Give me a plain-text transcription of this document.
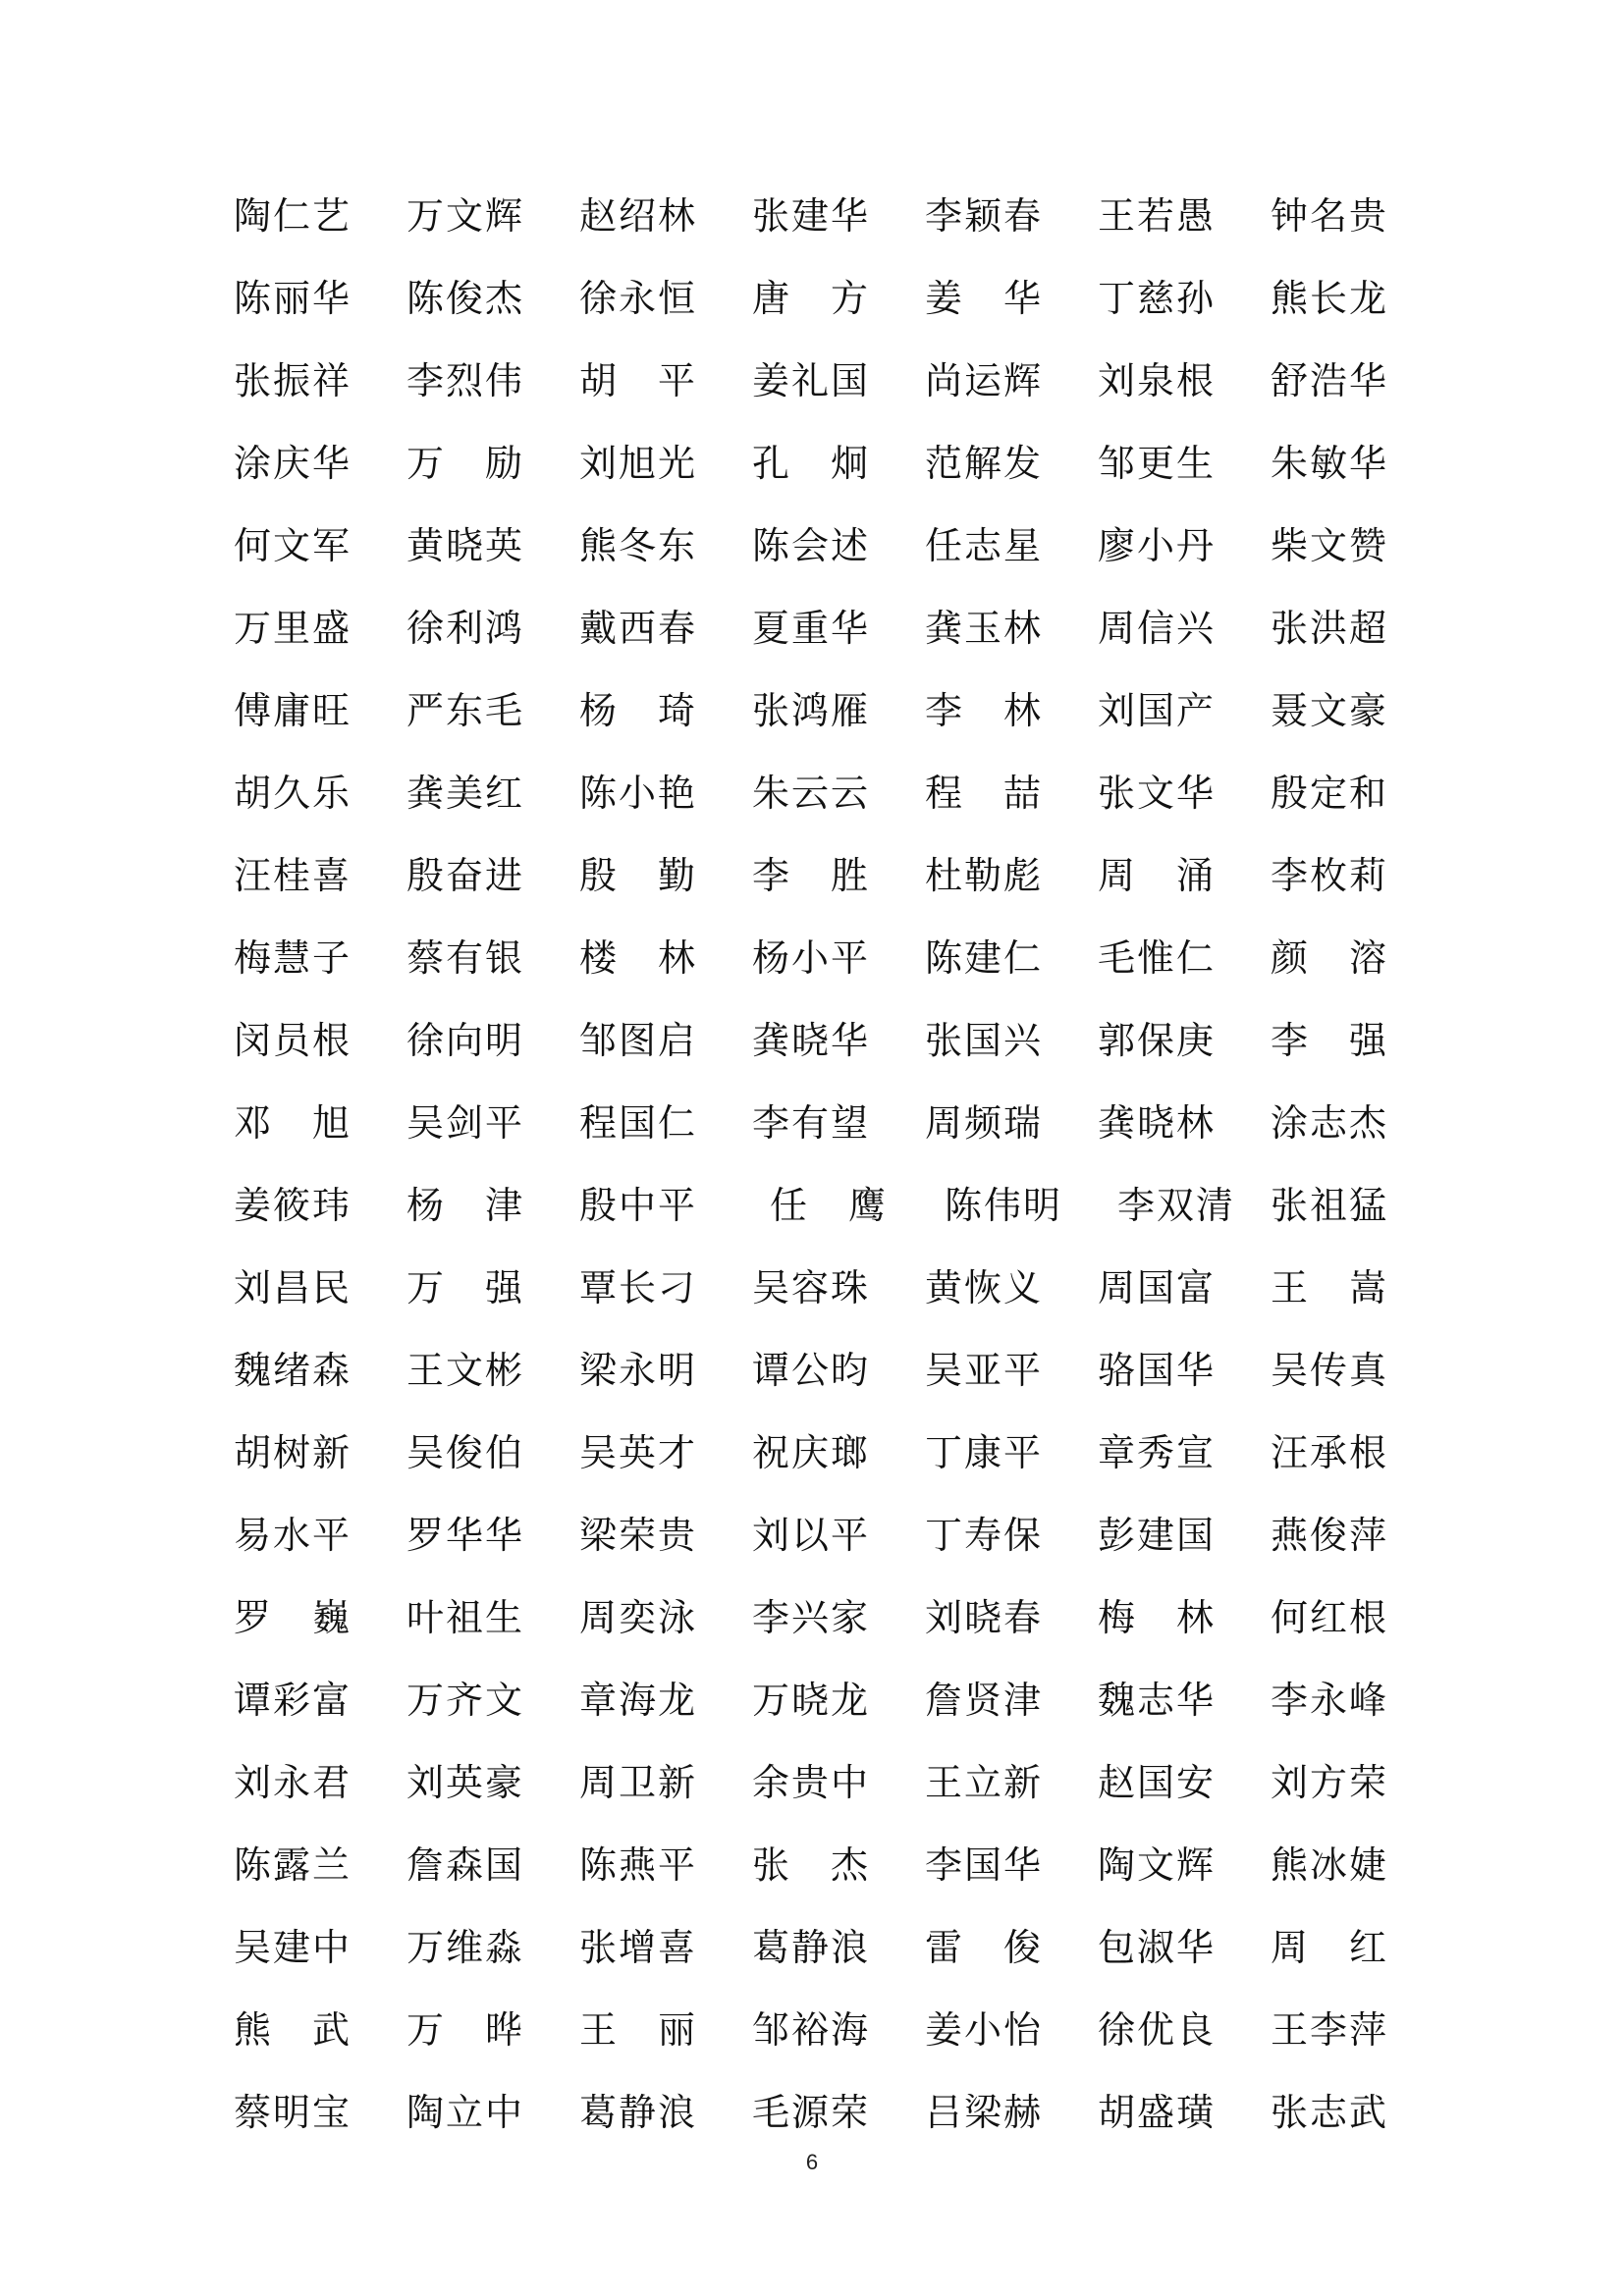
陶 仁 艺 万 文 辉 赵 绍 林 张 建 华 李 颖 春 王 若 愚 钟 名 贵
陈 丽 华 陈 俊 杰 徐 永 恒 唐 方 姜 华 丁 慈 孙 熊 长 龙
张 振 祥 李 烈 伟 胡 平 姜 礼 国 尚 运 辉 刘 泉 根 舒 浩 华
涂 庆 华 万 励 刘 旭 光 孔 炯 范 解 发 邹 更 生 朱 敏 华
何 文 军 黄 晓 英 熊 冬 东 陈 会 述 任 志 星 廖 小 丹 柴 文 赞
万 里 盛 徐 利 鸿 戴 西 春 夏 重 华 龚 玉 林 周 信 兴 张 洪 超
傅 庸 旺 严 东 毛 杨 琦 张 鸿 雁 李 林 刘 国 产 聂 文 豪
胡 久 乐 龚 美 红 陈 小 艳 朱 云 云 程 喆 张 文 华 殷 定 和
汪 桂 喜 殷 奋 进 殷 勤 李 胜 杜 勒 彪 周 涌 李 枚 莉
梅 慧 子 蔡 有 银 楼 林 杨 小 平 陈 建 仁 毛 惟 仁 颜 溶
闵 员 根 徐 向 明 邹 图 启 龚 晓 华 张 国 兴 郭 保 庚 李 强
邓 旭 吴 剑 平 程 国 仁 李 有 望 周 频 瑞 龚 晓 林 涂 志 杰
姜 筱 玮 杨 津 殷 中 平 任 鹰 陈 伟 明 李 双 清 张 祖 猛
刘 昌 民 万 强 覃 长 刁 吴 容 珠 黄 恢 义 周 国 富 王 嵩
魏 绪 森 王 文 彬 梁 永 明 谭 公 昀 吴 亚 平 骆 国 华 吴 传 真
胡 树 新 吴 俊 伯 吴 英 才 祝 庆 瑯 丁 康 平 章 秀 宣 汪 承 根
易 水 平 罗 华 华 梁 荣 贵 刘 以 平 丁 寿 保 彭 建 国 燕 俊 萍
罗 巍 叶 祖 生 周 奕 泳 李 兴 家 刘 晓 春 梅 林 何 红 根
谭 彩 富 万 齐 文 章 海 龙 万 晓 龙 詹 贤 津 魏 志 华 李 永 峰
刘 永 君 刘 英 豪 周 卫 新 余 贵 中 王 立 新 赵 国 安 刘 方 荣
陈 露 兰 詹 森 国 陈 燕 平 张 杰 李 国 华 陶 文 辉 熊 冰 婕
吴 建 中 万 维 淼 张 增 喜 葛 静 浪 雷 俊 包 淑 华 周 红
熊 武 万 晔 王 丽 邹 裕 海 姜 小 怡 徐 优 良 王 李 萍
蔡 明 宝 陶 立 中 葛 静 浪 毛 源 荣 吕 梁 赫 胡 盛 璜 张 志 武
6
